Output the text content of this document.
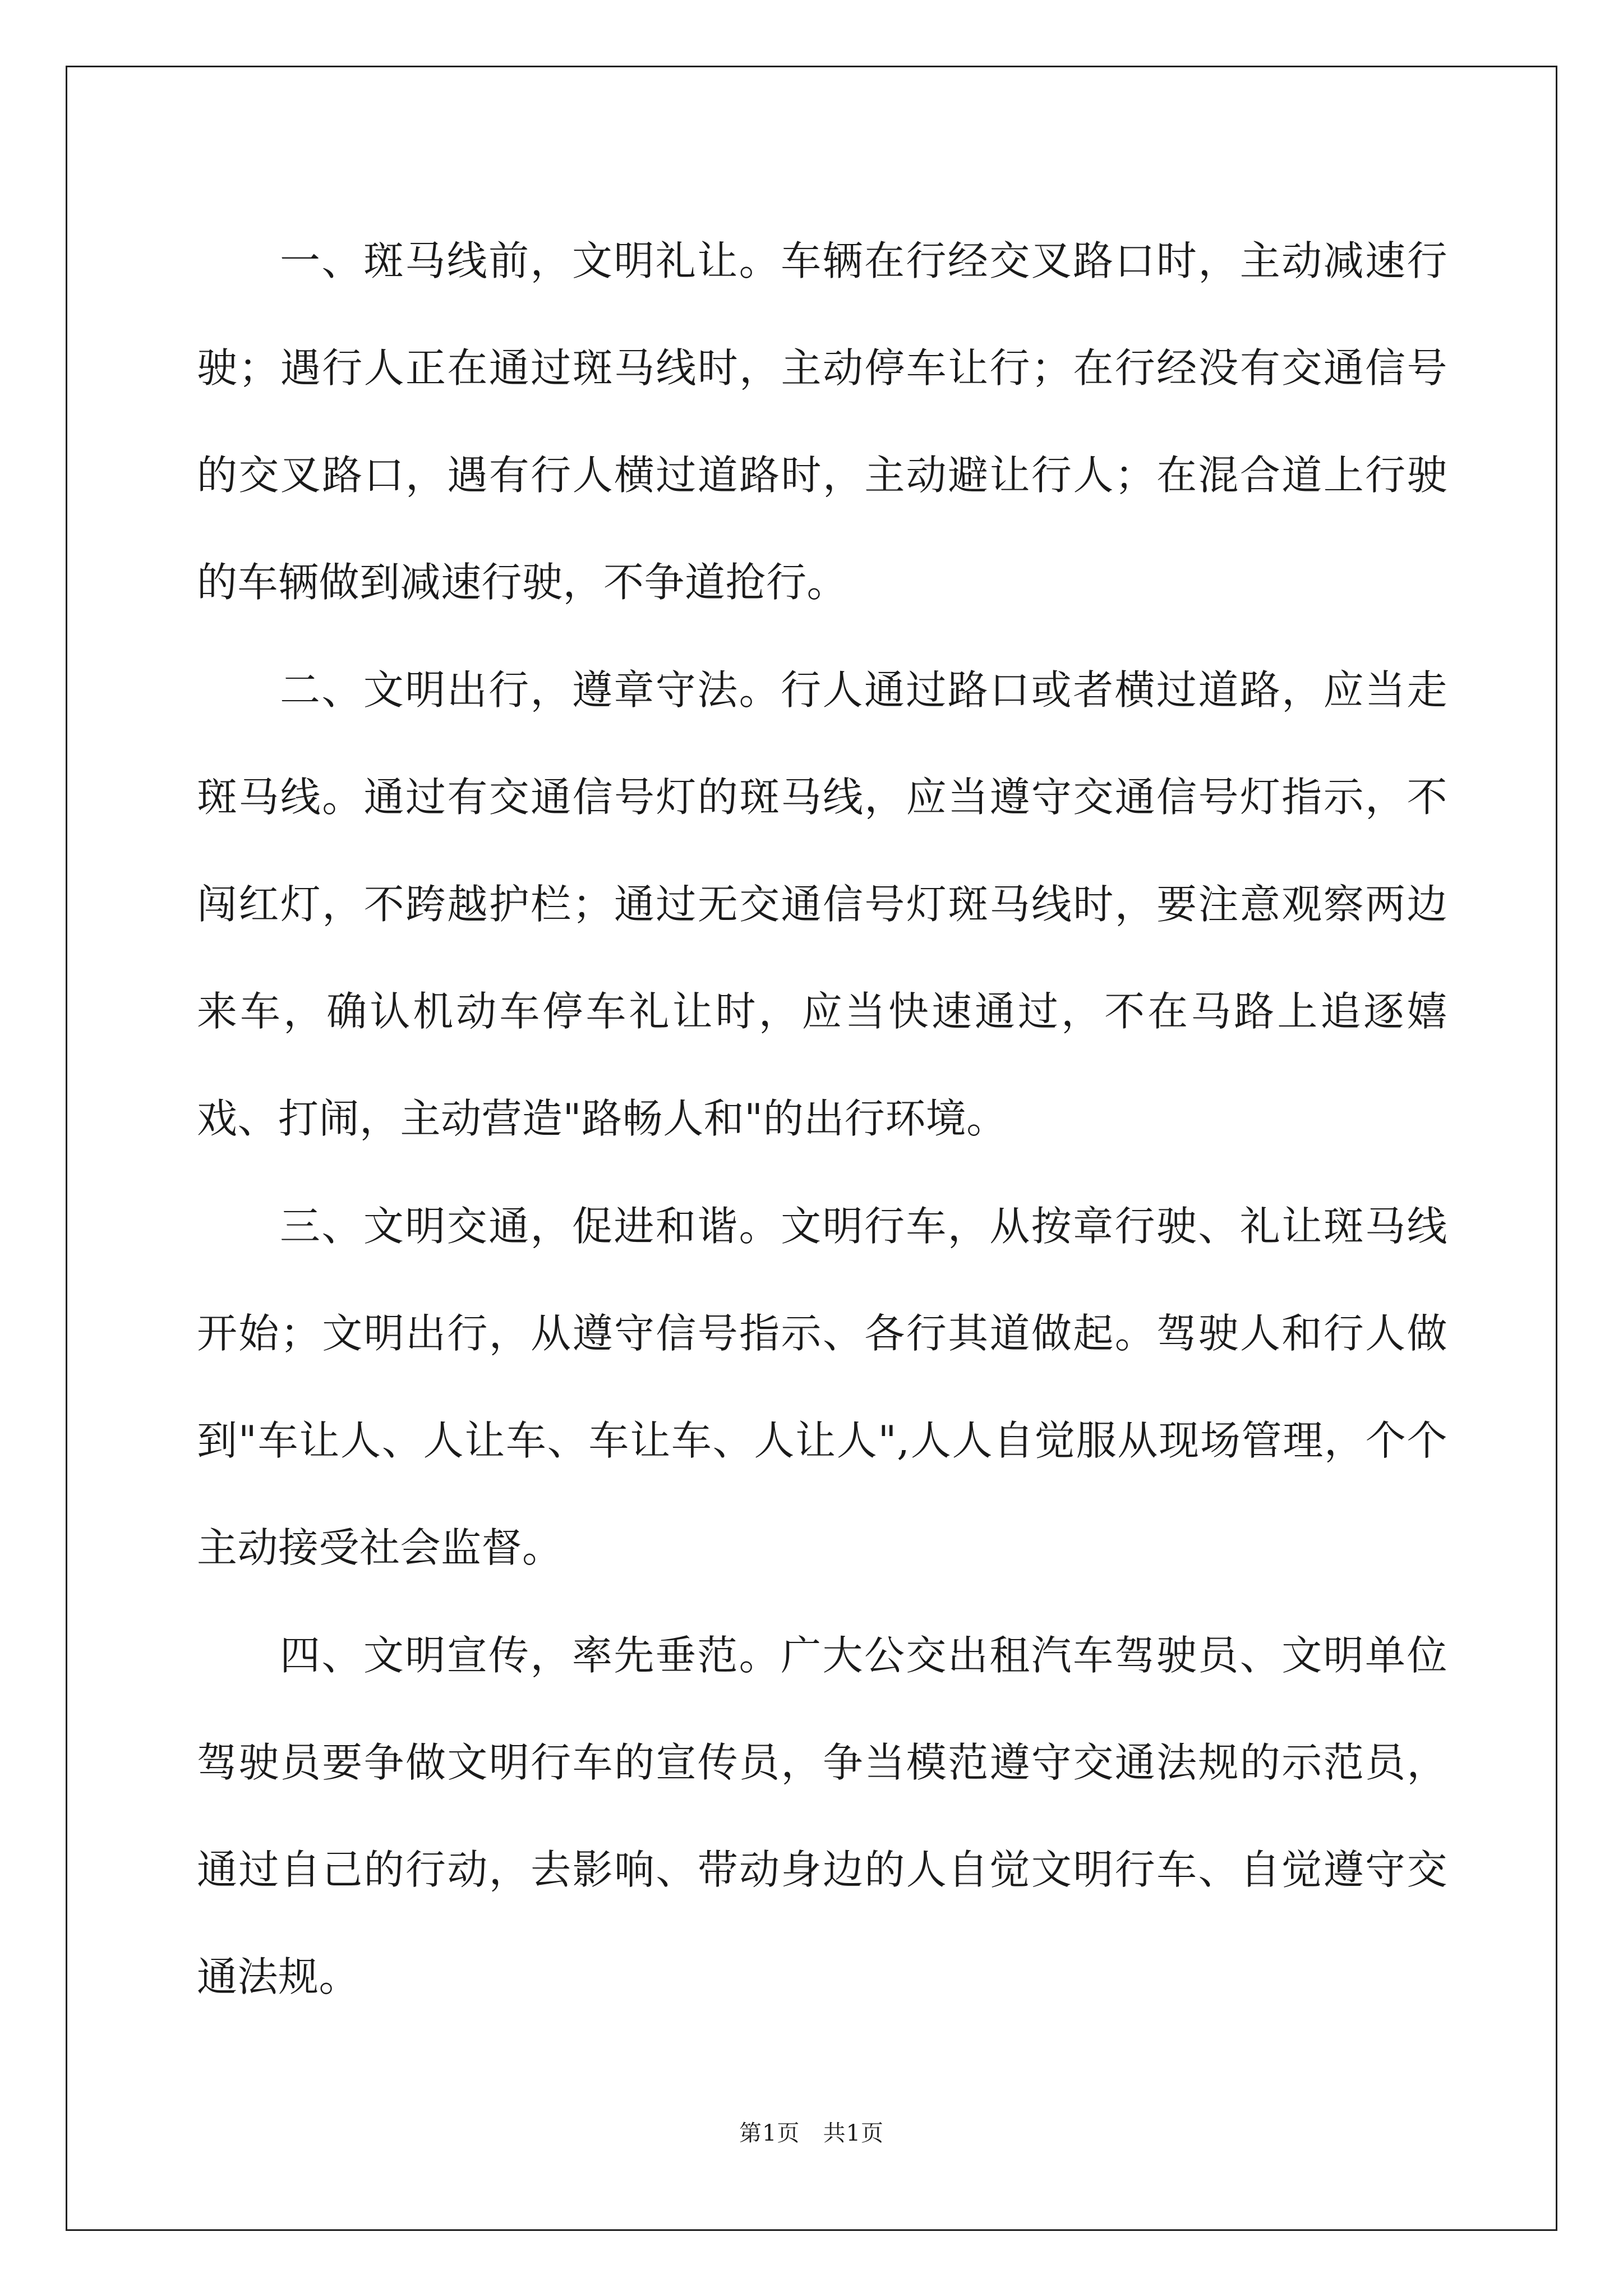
一、斑马线前，文明礼让。车辆在行经交叉路口时，主动减速行驶；遇行人正在通过斑马线时，主动停车让行；在行经没有交通信号的交叉路口，遇有行人横过道路时，主动避让行人；在混合道上行驶的车辆做到减速行驶，不争道抢行。

二、文明出行，遵章守法。行人通过路口或者横过道路，应当走斑马线。通过有交通信号灯的斑马线，应当遵守交通信号灯指示，不闯红灯，不跨越护栏；通过无交通信号灯斑马线时，要注意观察两边来车，确认机动车停车礼让时，应当快速通过，不在马路上追逐嬉戏、打闹，主动营造"路畅人和"的出行环境。

三、文明交通，促进和谐。文明行车，从按章行驶、礼让斑马线开始；文明出行，从遵守信号指示、各行其道做起。驾驶人和行人做到"车让人、人让车、车让车、人让人",人人自觉服从现场管理，个个主动接受社会监督。

四、文明宣传，率先垂范。广大公交出租汽车驾驶员、文明单位驾驶员要争做文明行车的宣传员，争当模范遵守交通法规的示范员，通过自己的行动，去影响、带动身边的人自觉文明行车、自觉遵守交通法规。

第1页 共1页
